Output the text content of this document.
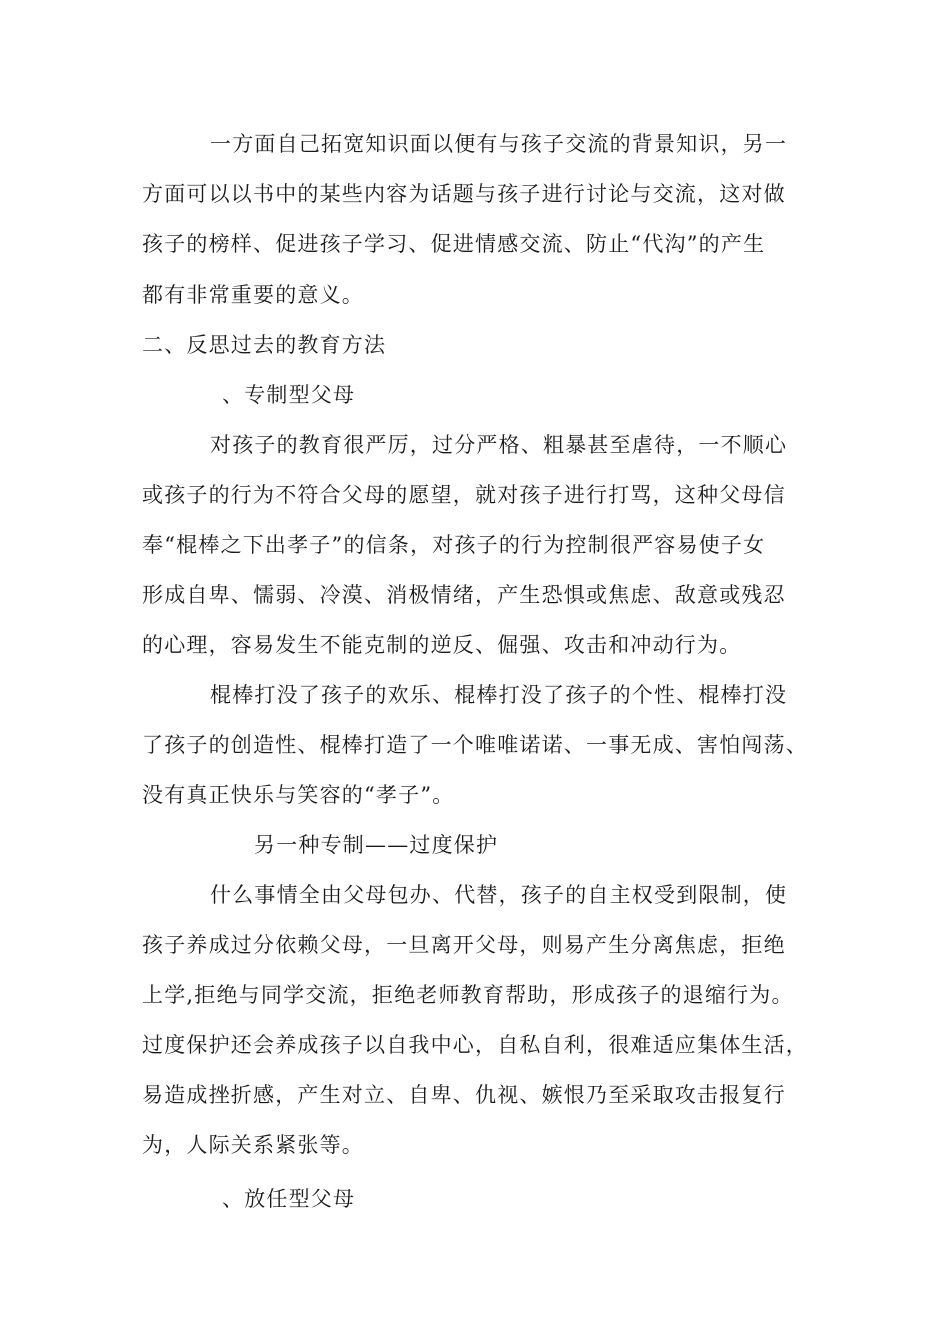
一方面自己拓宽知识面以便有与孩子交流的背景知识，另一
方面可以以书中的某些内容为话题与孩子进行讨论与交流，这对做
孩子的榜样、促进孩子学习、促进情感交流、防止“代沟”的产生
都有非常重要的意义。
二、反思过去的教育方法
、专制型父母
对孩子的教育很严厉，过分严格、粗暴甚至虐待，一不顺心
或孩子的行为不符合父母的愿望，就对孩子进行打骂，这种父母信
奉“棍棒之下出孝子”的信条，对孩子的行为控制很严容易使子女
形成自卑、懦弱、冷漠、消极情绪，产生恐惧或焦虑、敌意或残忍
的心理，容易发生不能克制的逆反、倔强、攻击和冲动行为。
棍棒打没了孩子的欢乐、棍棒打没了孩子的个性、棍棒打没
了孩子的创造性、棍棒打造了一个唯唯诺诺、一事无成、害怕闯荡、
没有真正快乐与笑容的“孝子”。
另一种专制——过度保护
什么事情全由父母包办、代替，孩子的自主权受到限制，使
孩子养成过分依赖父母，一旦离开父母，则易产生分离焦虑，拒绝
上学,拒绝与同学交流，拒绝老师教育帮助，形成孩子的退缩行为。
过度保护还会养成孩子以自我中心，自私自利，很难适应集体生活，
易造成挫折感，产生对立、自卑、仇视、嫉恨乃至采取攻击报复行
为，人际关系紧张等。
、放任型父母
